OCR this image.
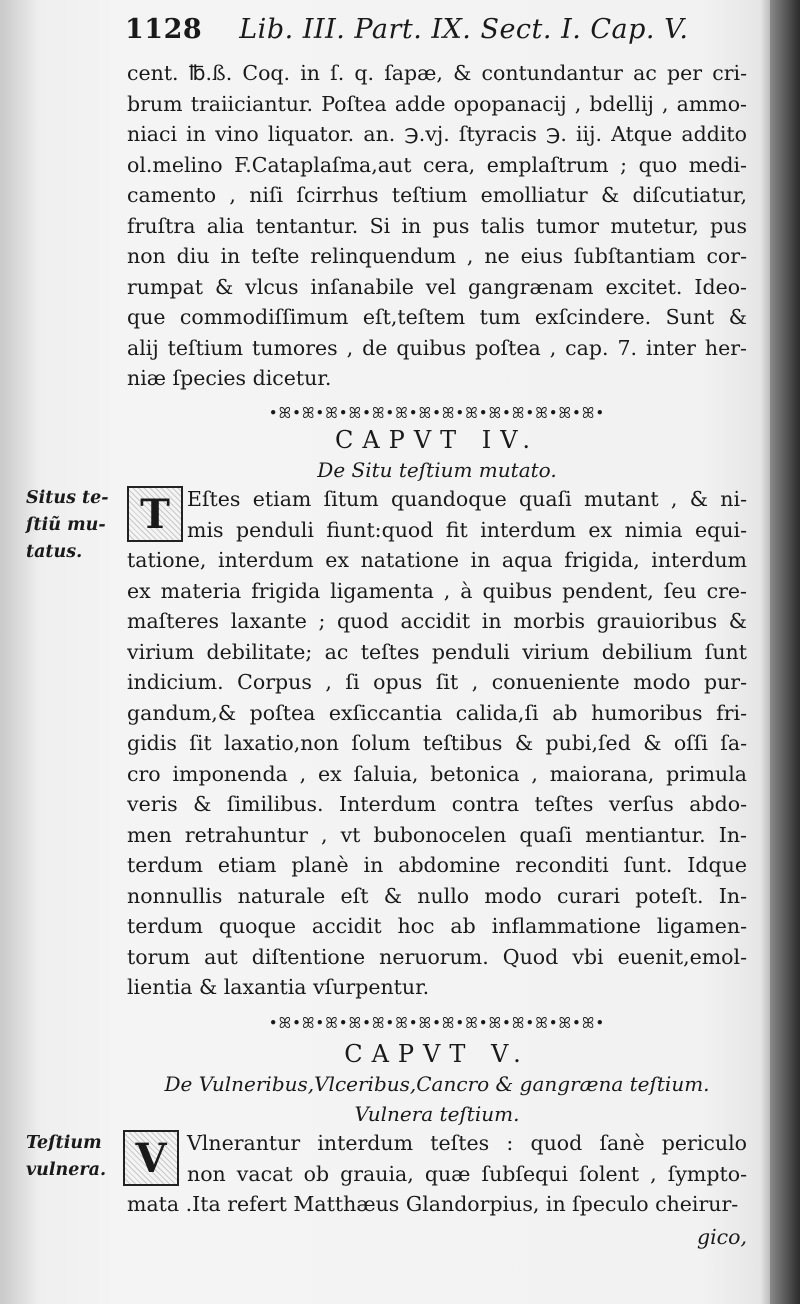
1128 Lib. III. Part. IX. Sect. I. Cap. V.
cent. ℔.ß. Coq. in ſ. q. ſapæ, & contundantur ac per cri-
brum traiiciantur. Poſtea adde opopanacij , bdellij , ammo-
niaci in vino liquator. an. ℈.vj. ſtyracis ℈. iij. Atque addito
ol.melino F.Cataplaſma,aut cera, emplaſtrum ; quo medi-
camento , niſi ſcirrhus teſtium emolliatur & diſcutiatur,
fruſtra alia tentantur. Si in pus talis tumor mutetur, pus
non diu in teſte relinquendum , ne eius ſubſtantiam cor-
rumpat & vlcus inſanabile vel gangrænam excitet. Ideo-
que commodiſſimum eſt,teſtem tum exſcindere. Sunt &
alij teſtium tumores , de quibus poſtea , cap. 7. inter her-
niæ ſpecies dicetur.
•ꕤ•ꕤ•ꕤ•ꕤ•ꕤ•ꕤ•ꕤ•ꕤ•ꕤ•ꕤ•ꕤ•ꕤ•ꕤ•ꕤ•
CAPVT IV.
De Situ teſtium mutato.
Situs te-ſtiũ mu-tatus.
T Eſtes etiam ſitum quandoque quaſi mutant , & ni-
mis penduli fiunt:quod fit interdum ex nimia equi-
tatione, interdum ex natatione in aqua frigida, interdum
ex materia frigida ligamenta , à quibus pendent, ſeu cre-
maſteres laxante ; quod accidit in morbis grauioribus &
virium debilitate; ac teſtes penduli virium debilium ſunt
indicium. Corpus , ſi opus ſit , conueniente modo pur-
gandum,& poſtea exſiccantia calida,ſi ab humoribus fri-
gidis ſit laxatio,non ſolum teſtibus & pubi,ſed & oſſi ſa-
cro imponenda , ex ſaluia, betonica , maiorana, primula
veris & ſimilibus. Interdum contra teſtes verſus abdo-
men retrahuntur , vt bubonocelen quaſi mentiantur. In-
terdum etiam planè in abdomine reconditi ſunt. Idque
nonnullis naturale eſt & nullo modo curari poteſt. In-
terdum quoque accidit hoc ab inflammatione ligamen-
torum aut diſtentione neruorum. Quod vbi euenit,emol-
lientia & laxantia vſurpentur.
•ꕤ•ꕤ•ꕤ•ꕤ•ꕤ•ꕤ•ꕤ•ꕤ•ꕤ•ꕤ•ꕤ•ꕤ•ꕤ•ꕤ•
CAPVT V.
De Vulneribus,Vlceribus,Cancro & gangræna teſtium.
Vulnera teſtium.
Teſtium vulnera. V Vlnerantur interdum teſtes : quod ſanè periculo
non vacat ob grauia, quæ ſubſequi ſolent , ſympto-
mata .Ita refert Matthæus Glandorpius, in ſpeculo cheirur-
gico,
